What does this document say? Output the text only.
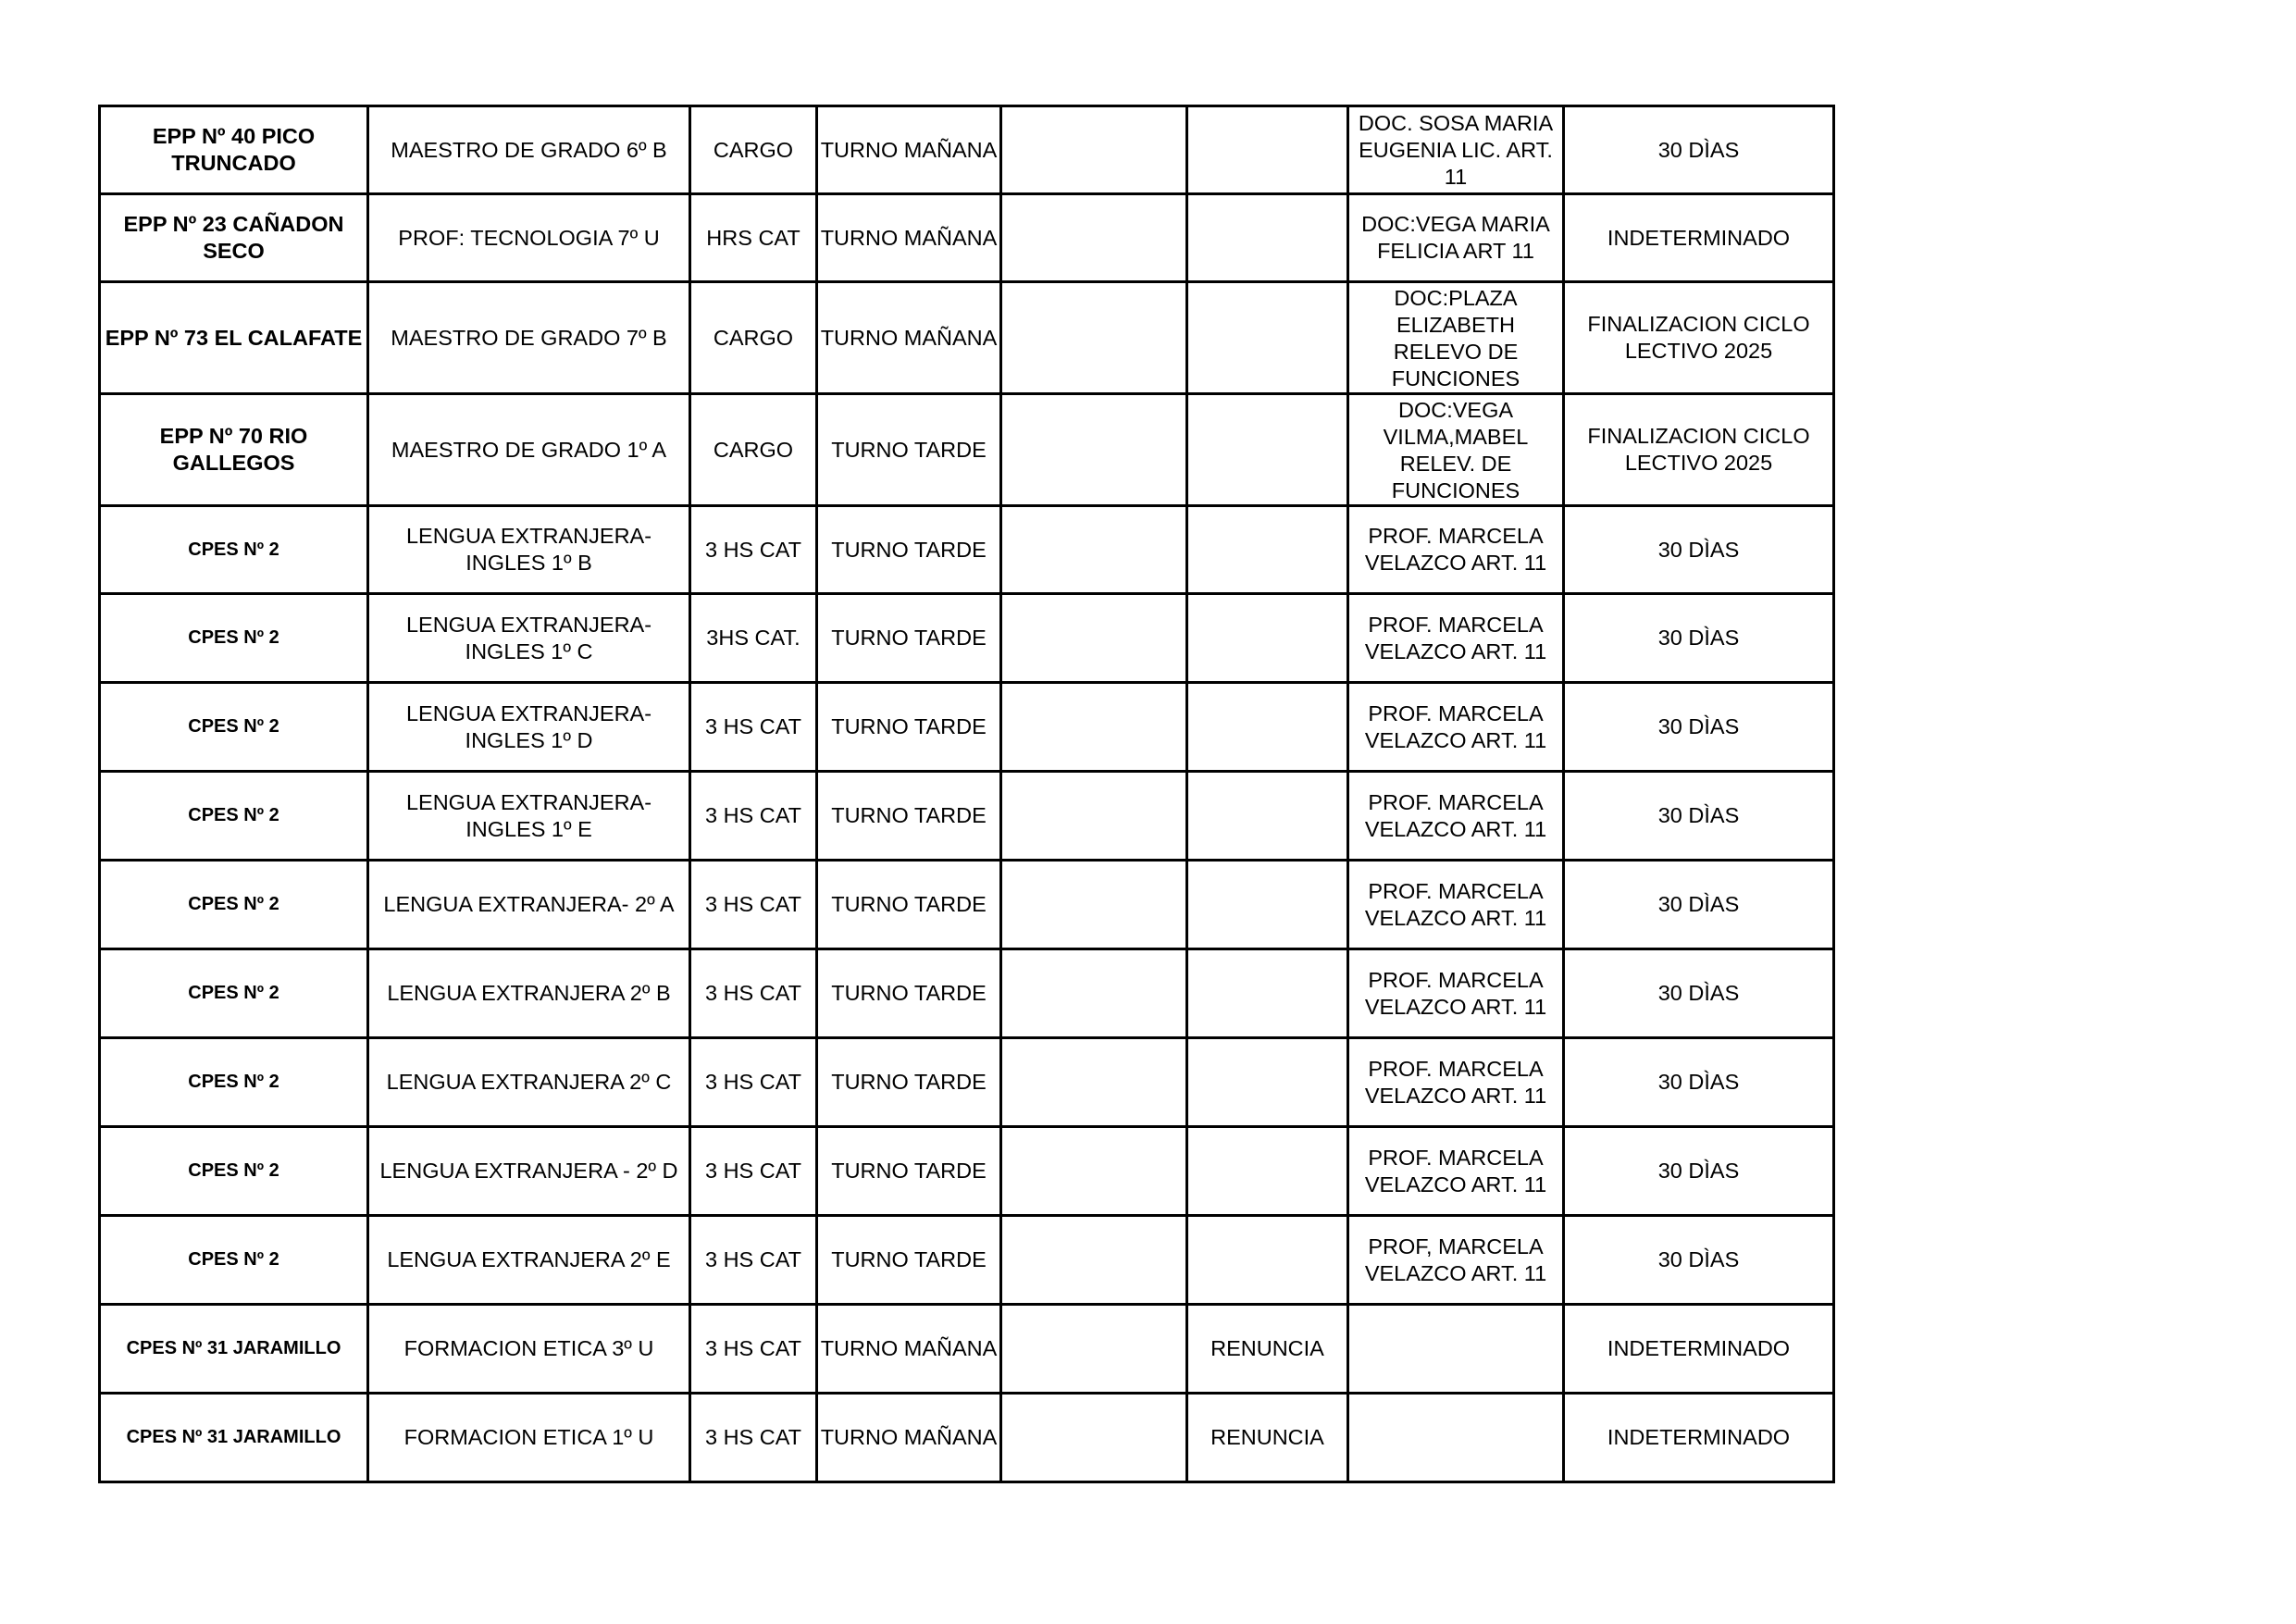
EPP Nº 40 PICO TRUNCADO	MAESTRO DE GRADO 6º B	CARGO	TURNO MAÑANA			DOC. SOSA MARIA EUGENIA LIC. ART. 11	30 DÌAS
EPP Nº 23 CAÑADON SECO	PROF: TECNOLOGIA 7º U	HRS CAT	TURNO MAÑANA			DOC:VEGA MARIA FELICIA ART 11	INDETERMINADO
EPP Nº 73 EL CALAFATE	MAESTRO DE GRADO 7º B	CARGO	TURNO MAÑANA			DOC:PLAZA ELIZABETH RELEVO DE FUNCIONES	FINALIZACION CICLO LECTIVO 2025
EPP Nº 70 RIO GALLEGOS	MAESTRO DE GRADO 1º A	CARGO	TURNO TARDE			DOC:VEGA VILMA,MABEL RELEV. DE FUNCIONES	FINALIZACION CICLO LECTIVO 2025
CPES Nº 2	LENGUA EXTRANJERA-INGLES 1º B	3 HS CAT	TURNO TARDE			PROF. MARCELA VELAZCO ART. 11	30 DÌAS
CPES Nº 2	LENGUA EXTRANJERA-INGLES 1º C	3HS CAT.	TURNO TARDE			PROF. MARCELA VELAZCO ART. 11	30 DÌAS
CPES Nº 2	LENGUA EXTRANJERA-INGLES 1º D	3 HS CAT	TURNO TARDE			PROF. MARCELA VELAZCO ART. 11	30 DÌAS
CPES Nº 2	LENGUA EXTRANJERA-INGLES 1º E	3 HS CAT	TURNO TARDE			PROF. MARCELA VELAZCO ART. 11	30 DÌAS
CPES Nº 2	LENGUA EXTRANJERA- 2º A	3 HS CAT	TURNO TARDE			PROF. MARCELA VELAZCO ART. 11	30 DÌAS
CPES Nº 2	LENGUA EXTRANJERA 2º B	3 HS CAT	TURNO TARDE			PROF. MARCELA VELAZCO ART. 11	30 DÌAS
CPES Nº 2	LENGUA EXTRANJERA 2º C	3 HS CAT	TURNO TARDE			PROF. MARCELA VELAZCO ART. 11	30 DÌAS
CPES Nº 2	LENGUA EXTRANJERA - 2º D	3 HS CAT	TURNO TARDE			PROF. MARCELA VELAZCO ART. 11	30 DÌAS
CPES Nº 2	LENGUA EXTRANJERA 2º E	3 HS CAT	TURNO TARDE			PROF, MARCELA VELAZCO ART. 11	30 DÌAS
CPES Nº 31 JARAMILLO	FORMACION ETICA 3º U	3 HS CAT	TURNO MAÑANA		RENUNCIA		INDETERMINADO
CPES Nº 31 JARAMILLO	FORMACION ETICA 1º U	3 HS CAT	TURNO MAÑANA		RENUNCIA		INDETERMINADO
